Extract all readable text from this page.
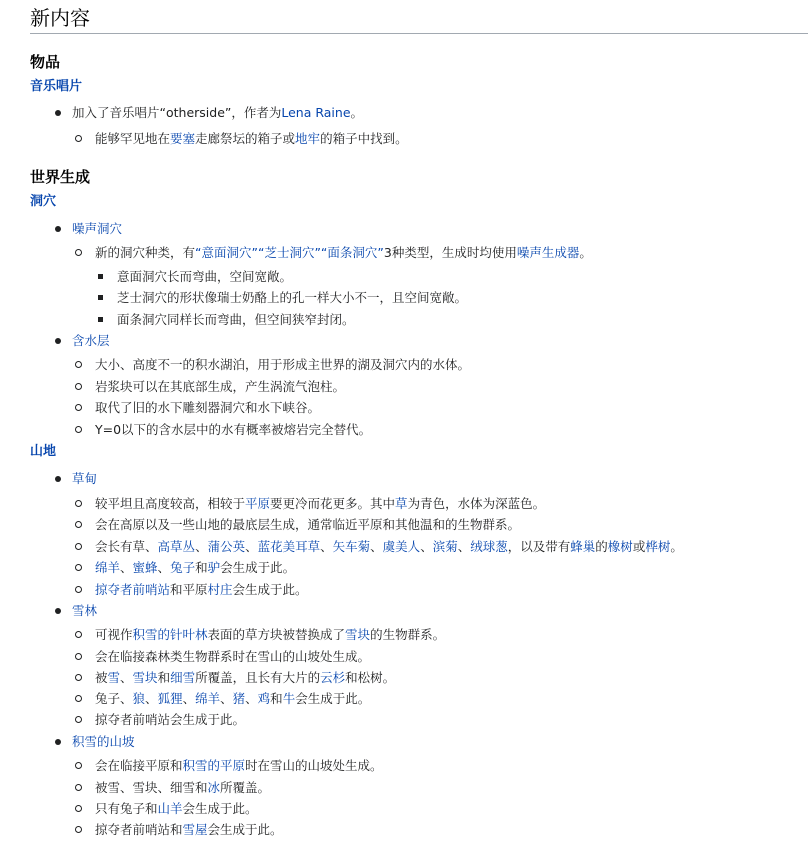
新内容
物品
音乐唱片
加入了音乐唱片“otherside”，作者为Lena Raine。
能够罕见地在要塞走廊祭坛的箱子或地牢的箱子中找到。
世界生成
洞穴
噪声洞穴
新的洞穴种类，有“意面洞穴”“芝士洞穴”“面条洞穴”3种类型，生成时均使用噪声生成器。
意面洞穴长而弯曲，空间宽敞。
芝士洞穴的形状像瑞士奶酪上的孔一样大小不一，且空间宽敞。
面条洞穴同样长而弯曲，但空间狭窄封闭。
含水层
大小、高度不一的积水湖泊，用于形成主世界的湖及洞穴内的水体。
岩浆块可以在其底部生成，产生涡流气泡柱。
取代了旧的水下雕刻器洞穴和水下峡谷。
Y=0以下的含水层中的水有概率被熔岩完全替代。
山地
草甸
较平坦且高度较高，相较于平原要更冷而花更多。其中草为青色，水体为深蓝色。
会在高原以及一些山地的最底层生成，通常临近平原和其他温和的生物群系。
会长有草、高草丛、蒲公英、蓝花美耳草、矢车菊、虞美人、滨菊、绒球葱，以及带有蜂巢的橡树或桦树。
绵羊、蜜蜂、兔子和驴会生成于此。
掠夺者前哨站和平原村庄会生成于此。
雪林
可视作积雪的针叶林表面的草方块被替换成了雪块的生物群系。
会在临接森林类生物群系时在雪山的山坡处生成。
被雪、雪块和细雪所覆盖，且长有大片的云杉和松树。
兔子、狼、狐狸、绵羊、猪、鸡和牛会生成于此。
掠夺者前哨站会生成于此。
积雪的山坡
会在临接平原和积雪的平原时在雪山的山坡处生成。
被雪、雪块、细雪和冰所覆盖。
只有兔子和山羊会生成于此。
掠夺者前哨站和雪屋会生成于此。
